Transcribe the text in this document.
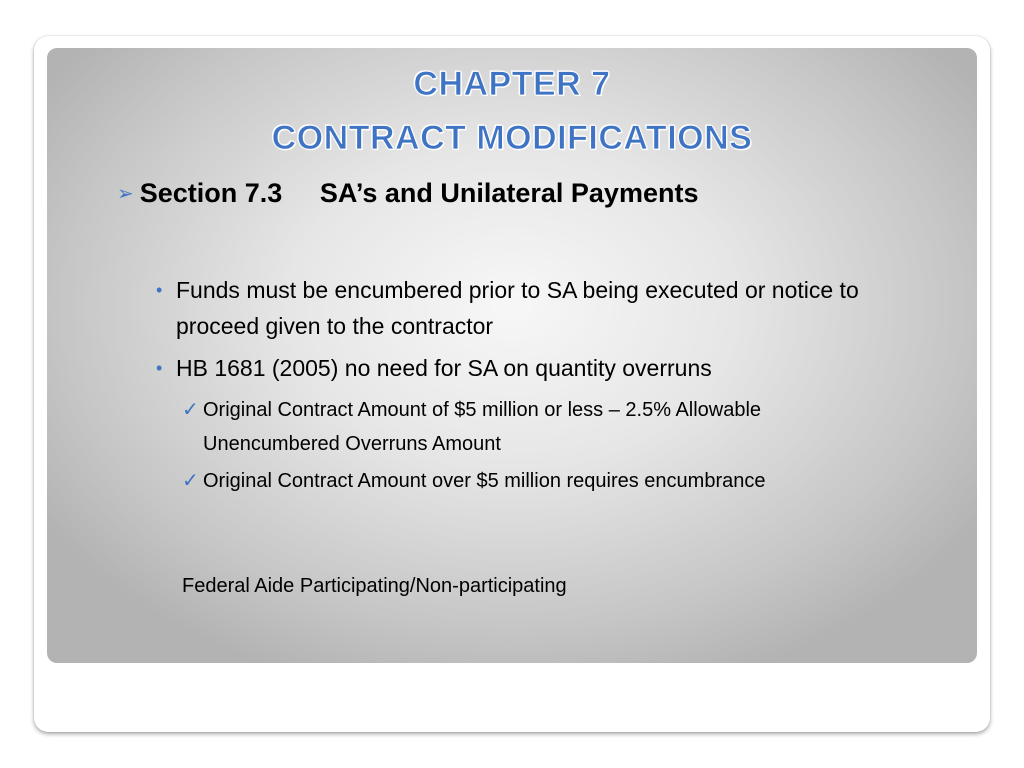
CHAPTER 7
CONTRACT MODIFICATIONS
➢ Section 7.3     SA’s and Unilateral Payments
• Funds must be encumbered prior to SA being executed or notice to proceed given to the contractor
• HB 1681 (2005) no need for SA on quantity overruns
✓ Original Contract Amount of $5 million or less – 2.5% Allowable Unencumbered Overruns Amount
✓ Original Contract Amount over $5 million requires encumbrance
Federal Aide Participating/Non-participating
